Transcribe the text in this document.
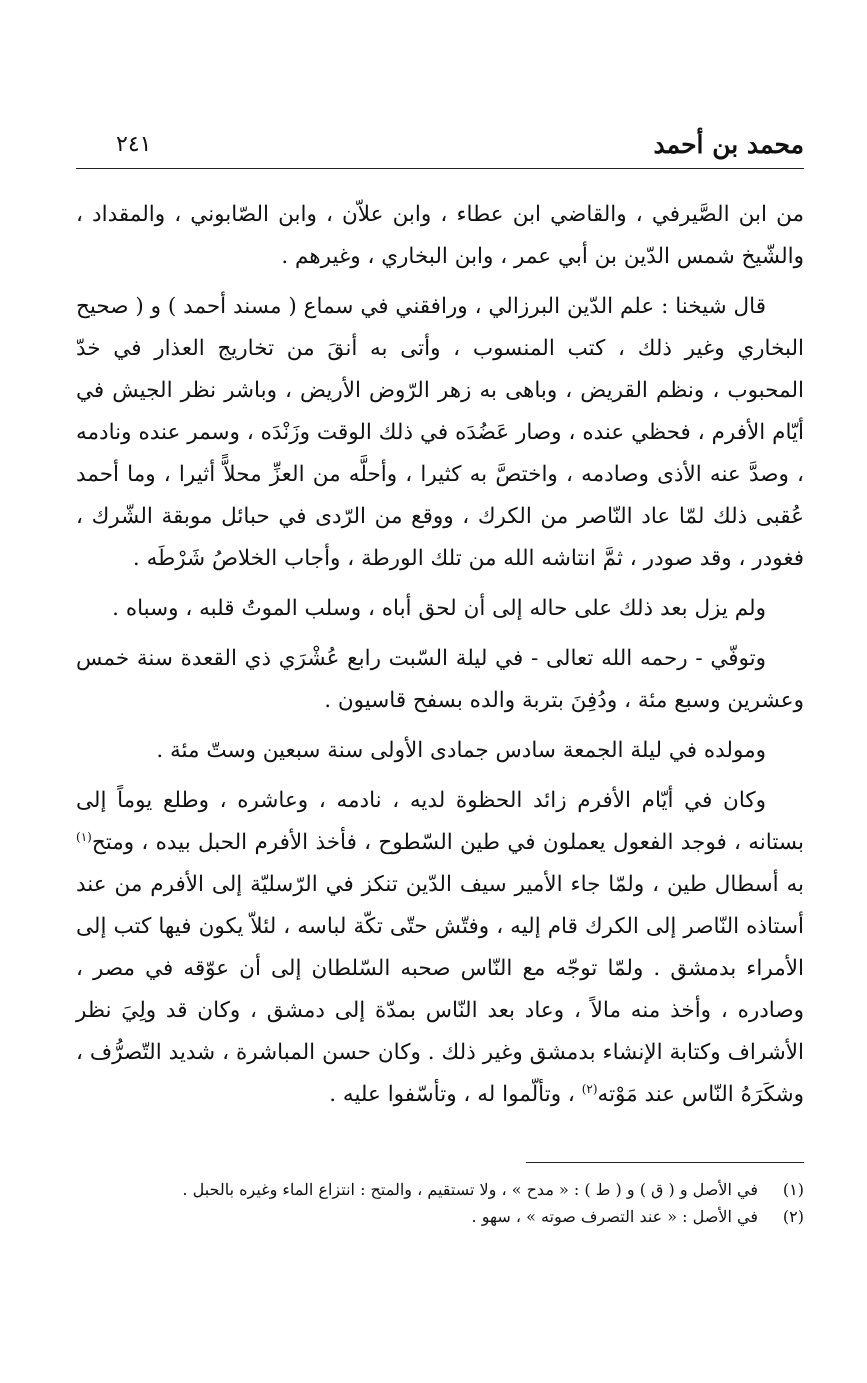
محمد بن أحمد
٢٤١

من ابن الصَّيرفي ، والقاضي ابن عطاء ، وابن علاّن ، وابن الصّابوني ، والمقداد ، والشّيخ شمس الدّين بن أبي عمر ، وابن البخاري ، وغيرهم .

قال شيخنا : علم الدّين البرزالي ، ورافقني في سماع ( مسند أحمد ) و ( صحيح البخاري وغير ذلك ، كتب المنسوب ، وأتى به أنقَ من تخاريج العذار في خدّ المحبوب ، ونظم القريض ، وباهى به زهر الرّوض الأريض ، وباشر نظر الجيش في أيّام الأفرم ، فحظي عنده ، وصار عَضُدَه في ذلك الوقت وزَنْدَه ، وسمر عنده ونادمه ، وصدَّ عنه الأذى وصادمه ، واختصَّ به كثيرا ، وأحلَّه من العزِّ محلاًّ أثيرا ، وما أحمد عُقبى ذلك لمّا عاد النّاصر من الكرك ، ووقع من الرّدى في حبائل موبقة الشّرك ، فغودر ، وقد صودر ، ثمَّ انتاشه الله من تلك الورطة ، وأجاب الخلاصُ شَرْطَه .

ولم يزل بعد ذلك على حاله إلى أن لحق أباه ، وسلب الموتُ قلبه ، وسباه .

وتوفّي - رحمه الله تعالى - في ليلة السّبت رابع عُشْرَي ذي القعدة سنة خمس وعشرين وسبع مئة ، ودُفِنَ بتربة والده بسفح قاسيون .

ومولده في ليلة الجمعة سادس جمادى الأولى سنة سبعين وستّ مئة .

وكان في أيّام الأفرم زائد الحظوة لديه ، نادمه ، وعاشره ، وطلع يوماً إلى بستانه ، فوجد الفعول يعملون في طين السّطوح ، فأخذ الأفرم الحبل بيده ، ومتح$^{(١)}$ به أسطال طين ، ولمّا جاء الأمير سيف الدّين تنكز في الرّسليّة إلى الأفرم من عند أستاذه النّاصر إلى الكرك قام إليه ، وفتّش حتّى تكّة لباسه ، لئلاّ يكون فيها كتب إلى الأمراء بدمشق . ولمّا توجّه مع النّاس صحبه السّلطان إلى أن عوّقه في مصر ، وصادره ، وأخذ منه مالاً ، وعاد بعد النّاس بمدّة إلى دمشق ، وكان قد ولِيَ نظر الأشراف وكتابة الإنشاء بدمشق وغير ذلك . وكان حسن المباشرة ، شديد التّصرُّف ، وشكَرَهُ النّاس عند مَوْته$^{(٢)}$ ، وتألّموا له ، وتأسّفوا عليه .

(١)
في الأصل و ( ق ) و ( ط ) : « مدح » ، ولا تستقيم ، والمتح : انتزاع الماء وغيره بالحبل .
(٢)
في الأصل : « عند التصرف صوته » ، سهو .
